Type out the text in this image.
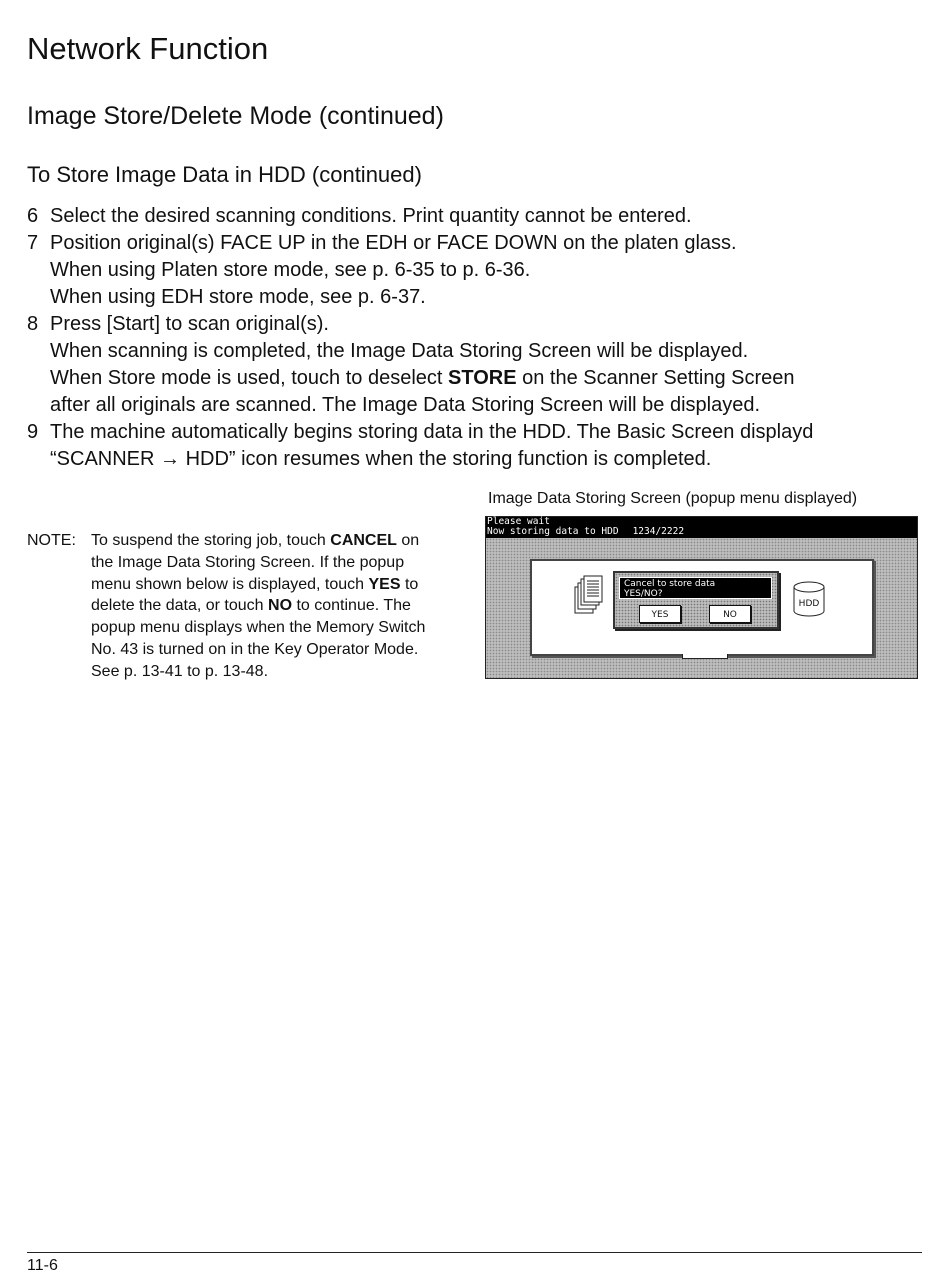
Network Function
Image Store/Delete Mode (continued)
To Store Image Data in HDD (continued)
6 Select the desired scanning conditions. Print quantity cannot be entered.
7 Position original(s) FACE UP in the EDH or FACE DOWN on the platen glass.
When using Platen store mode, see p. 6-35 to p. 6-36.
When using EDH store mode, see p. 6-37.
8 Press [Start] to scan original(s).
When scanning is completed, the Image Data Storing Screen will be displayed.
When Store mode is used, touch to deselect STORE on the Scanner Setting Screen
after all originals are scanned. The Image Data Storing Screen will be displayed.
9 The machine automatically begins storing data in the HDD. The Basic Screen displayd
“SCANNER → HDD” icon resumes when the storing function is completed.
NOTE: To suspend the storing job, touch CANCEL on
the Image Data Storing Screen. If the popup
menu shown below is displayed, touch YES to
delete the data, or touch NO to continue. The
popup menu displays when the Memory Switch
No. 43 is turned on in the Key Operator Mode.
See p. 13-41 to p. 13-48.
Image Data Storing Screen (popup menu displayed)
Please wait
Now storing data to HDD 1234/2222
Cancel to store data
YES/NO?
YES	NO
HDD
11-6
